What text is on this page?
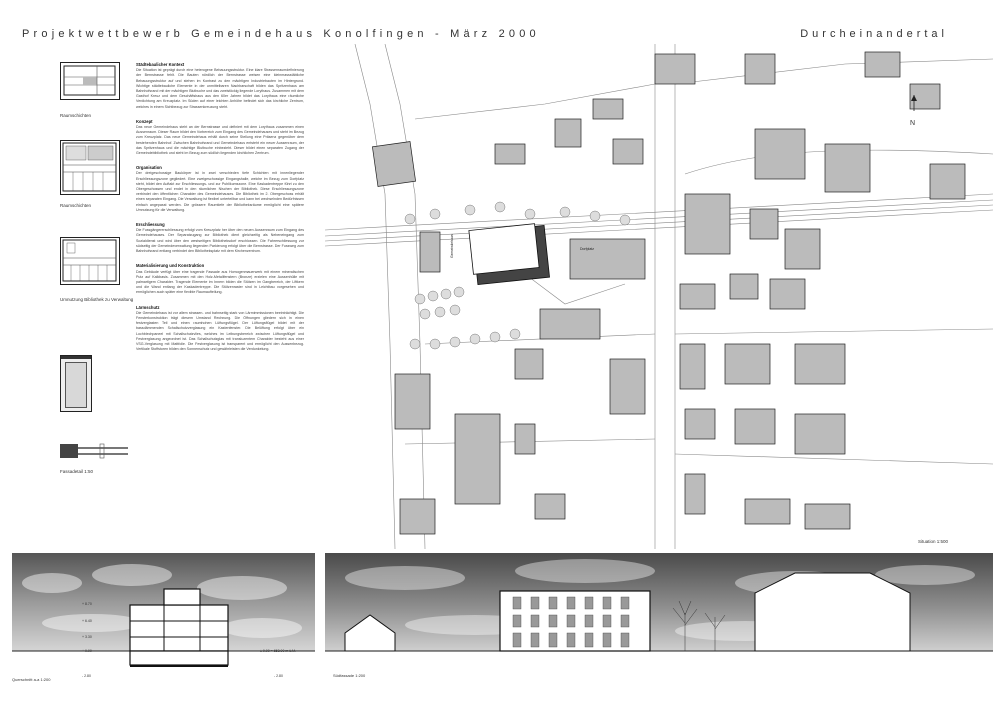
Projektwettbewerb Gemeindehaus Konolfingen - März 2000	Durcheinandertal
Raumschichten
Raumschichten
Umnutzung Bibliothek zu Verwaltung
Fassadetail 1:50
Städtebaulicher Kontext

Die Situation ist geprägt durch eine heterogene Bebauungsstruktur. Eine klare Strassenraumdefinierung der Bernstrasse fehlt. Die Bauten nördlich der Bernstrasse weisen eine kleinmassstäbliche Bebauungsstruktur auf und stehen im Kontrast zu den mächtigen Industriebauten im Hintergrund. Wichtige städtebauliche Elemente in der unmittelbaren Nachbarschaft bilden das Spritzenhaus am Bahnhofsrand mit der mächtigen Blutbuche und das zweistöckig liegende Lorythaus. Zusammen mit dem Gasthof Kreuz und dem Geschäftshaus aus den 60er Jahren bildet das Lorythaus eine räumliche Verdichtung am Kreuzplatz. Im Süden auf einer leichten Anhöhe befindet sich das kirchliche Zentrum, welches in einem Sichtbezug zur Strassenkreuzung steht.

Konzept

Das neue Gemeindehaus steht an der Bernstrasse und definiert mit dem Lorythaus zusammen einen Aussenraum. Dieser Raum bildet den Vorbereich zum Eingang des Gemeindehauses und steht im Bezug zum Kreuzplatz. Das neue Gemeindehaus erhält durch seine Stellung eine Präsenz gegenüber dem bestehenden Bahnhof. Zwischen Bahnhofsrand und Gemeindehaus entsteht ein neuer Aussenraum, der das Spritzenhaus und die mächtige Blutbuche einbezieht. Dieser bildet einen separaten Zugang der Gemeindebibliothek und steht im Bezug zum südlich liegenden kirchlichen Zentrum.

Organisation

Der dreigeschossige Baukörper ist in zwei verschieden tiefe Schichten mit innenliegender Erschliessungszone gegliedert. Eine zweigeschossige Eingangshalle, welche im Bezug zum Dorfplatz steht, bildet den Auftakt zur Erschliessungs- und zur Publikumszone. Eine Kaskadentreppe führt zu den Obergeschossen und endet in den räumlichen Nischen der Bibliothek. Diese Erschliessungszone verbindet den öffentlichen Charakter des Gemeindehauses. Die Bibliothek im 2. Obergeschoss erhält einen separaten Eingang. Die Verwaltung ist flexibel unterteilbar und kann bei wechselnden Bedürfnissen einfach angepasst werden. Die grössere Raumtiefe der Bibliotheksräume ermöglicht eine spätere Umnutzung für die Verwaltung.

Erschliessung

Die Fussgängererschliessung erfolgt vom Kreuzplatz her über den neuen Aussenraum zum Eingang des Gemeindehauses. Der Separatzugang zur Bibliothek dient gleichzeitig als Nebeneingang zum Sozialdienst und wird über den westseitigen Bibliotheksdorf erschlossen. Die Fahrerschliessung zur südseitig der Gemeindeverwaltung liegenden Parkierung erfolgt über die Bernstrasse. Der Fussweg zum Bahnhofsrand entlang verbindet den Bibliotheksplatz mit dem Kirchenzentrum.

Materialisierung und Konstruktion

Das Gebäude verfügt über eine tragende Fassade aus Homogenmauerwerk mit einem mineralischen Putz auf Kalkbasis. Zusammen mit den Holz-Metallfenstern (Bronze) erzielen eine Aussenhülle mit palmartigem Charakter. Tragende Elemente im Innern bilden die Stützen im Gangbereich, der Liftkern und die Wand entlang der Kaskadentreppe. Die Stützenraster sind in Leichtbau vorgesehen und ermöglichen auch später eine flexible Raumaufteilung.

Lärmschutz

Die Gemeindehaus ist vor allem strassen- und bahnseitig stark von Lärmimmissionen beeinträchtigt. Die Fensterkonstruktion trägt diesem Umstand Rechnung. Die Öffnungen gliedern sich in einen festverglasten Teil und einen raumhohen Lüftungsflügel. Der Lüftungsflügel bildet mit der bassdämmenden Schallschutzverglasung ein Kastenfenster. Die Belüftung erfolgt über ein Lochblechpaneel mit Schallschutzvlies, welches im Leibungsbereich zwischen Lüftungsflügel und Festverglasung angeordnet ist. Das Schallschutzglas mit transluzentem Charakter besteht aus einer VSG-Verglasung mit Mattfolie. Die Festverglasung ist transparent und ermöglicht den Aussenbezug. Vertikale Stoffstoren bilden den Sonnenschutz und gewährleisten die Verdunkelung.

Gemeindehaus	Dorfplatz
Situation 1:500
N
+ 8.70
+ 6.40
+ 3.30
+ 0.00
- 2.80
± 0.00 = 658.00 m ü.M.
- 2.80
Querschnitt a-a 1:200
Südfassade 1:200
